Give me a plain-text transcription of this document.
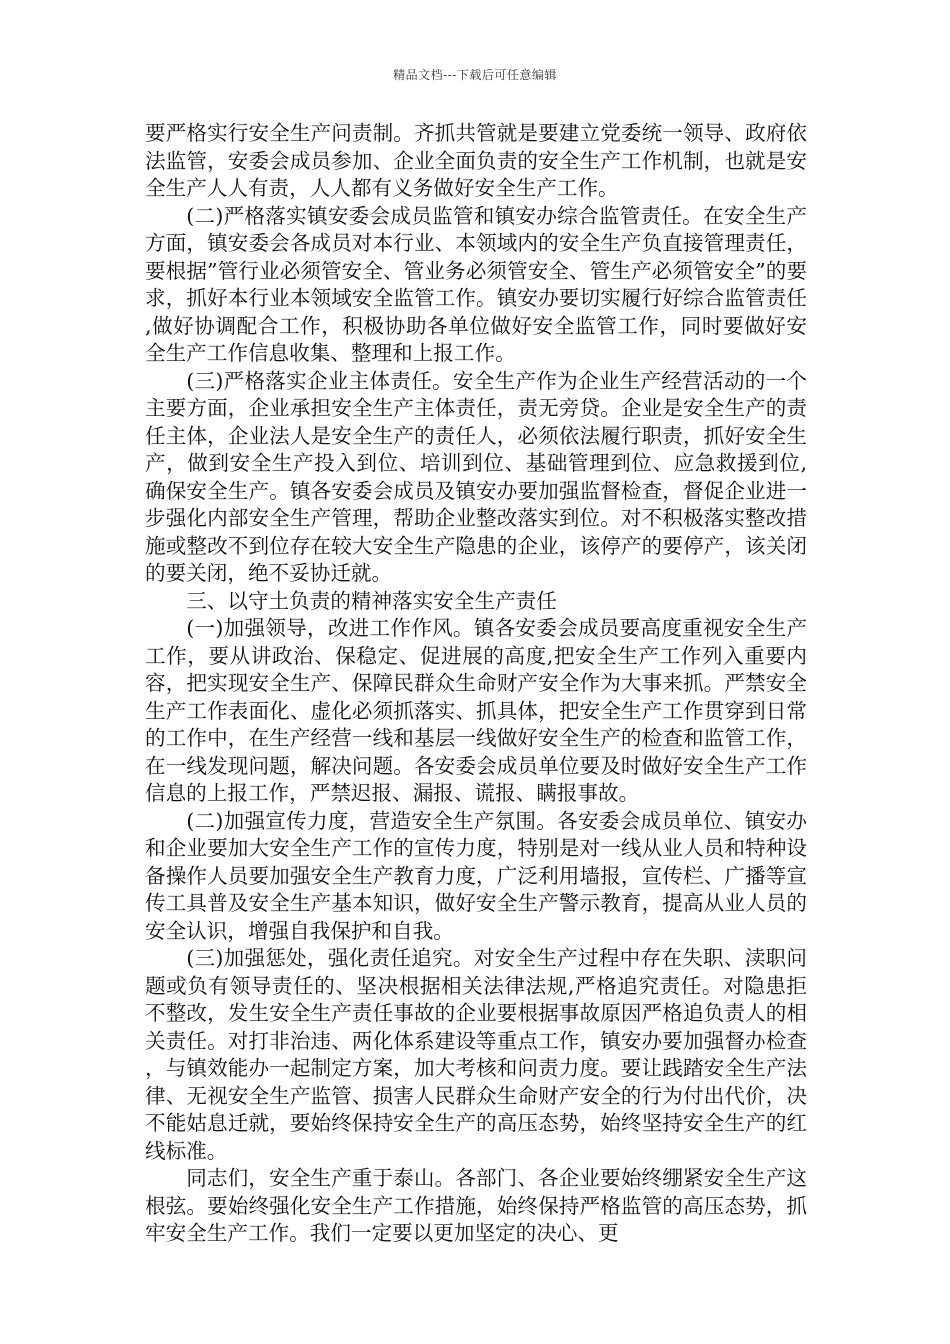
精品文档---下载后可任意编辑

要严格实行安全生产问责制。齐抓共管就是要建立党委统一领导、政府依法监管，安委会成员参加、企业全面负责的安全生产工作机制，也就是安全生产人人有责，人人都有义务做好安全生产工作。

(二)严格落实镇安委会成员监管和镇安办综合监管责任。在安全生产方面，镇安委会各成员对本行业、本领域内的安全生产负直接管理责任，要根据”管行业必须管安全、管业务必须管安全、管生产必须管安全”的要求，抓好本行业本领域安全监管工作。镇安办要切实履行好综合监管责任,做好协调配合工作，积极协助各单位做好安全监管工作，同时要做好安全生产工作信息收集、整理和上报工作。

(三)严格落实企业主体责任。安全生产作为企业生产经营活动的一个主要方面，企业承担安全生产主体责任，责无旁贷。企业是安全生产的责任主体，企业法人是安全生产的责任人，必须依法履行职责，抓好安全生产，做到安全生产投入到位、培训到位、基础管理到位、应急救援到位,确保安全生产。镇各安委会成员及镇安办要加强监督检查，督促企业进一步强化内部安全生产管理，帮助企业整改落实到位。对不积极落实整改措施或整改不到位存在较大安全生产隐患的企业，该停产的要停产，该关闭的要关闭，绝不妥协迁就。

三、以守土负责的精神落实安全生产责任

(一)加强领导，改进工作作风。镇各安委会成员要高度重视安全生产工作，要从讲政治、保稳定、促进展的高度,把安全生产工作列入重要内容，把实现安全生产、保障民群众生命财产安全作为大事来抓。严禁安全生产工作表面化、虚化必须抓落实、抓具体，把安全生产工作贯穿到日常的工作中，在生产经营一线和基层一线做好安全生产的检查和监管工作，在一线发现问题，解决问题。各安委会成员单位要及时做好安全生产工作信息的上报工作，严禁迟报、漏报、谎报、瞒报事故。

(二)加强宣传力度，营造安全生产氛围。各安委会成员单位、镇安办和企业要加大安全生产工作的宣传力度，特别是对一线从业人员和特种设备操作人员要加强安全生产教育力度，广泛利用墙报，宣传栏、广播等宣传工具普及安全生产基本知识，做好安全生产警示教育，提高从业人员的安全认识，增强自我保护和自我。

(三)加强惩处，强化责任追究。对安全生产过程中存在失职、渎职问题或负有领导责任的、坚决根据相关法律法规,严格追究责任。对隐患拒不整改，发生安全生产责任事故的企业要根据事故原因严格追负责人的相关责任。对打非治违、两化体系建设等重点工作，镇安办要加强督办检查，与镇效能办一起制定方案，加大考核和问责力度。要让践踏安全生产法律、无视安全生产监管、损害人民群众生命财产安全的行为付出代价，决不能姑息迁就，要始终保持安全生产的高压态势，始终坚持安全生产的红线标准。

同志们，安全生产重于泰山。各部门、各企业要始终绷紧安全生产这根弦。要始终强化安全生产工作措施，始终保持严格监管的高压态势，抓牢安全生产工作。我们一定要以更加坚定的决心、更
